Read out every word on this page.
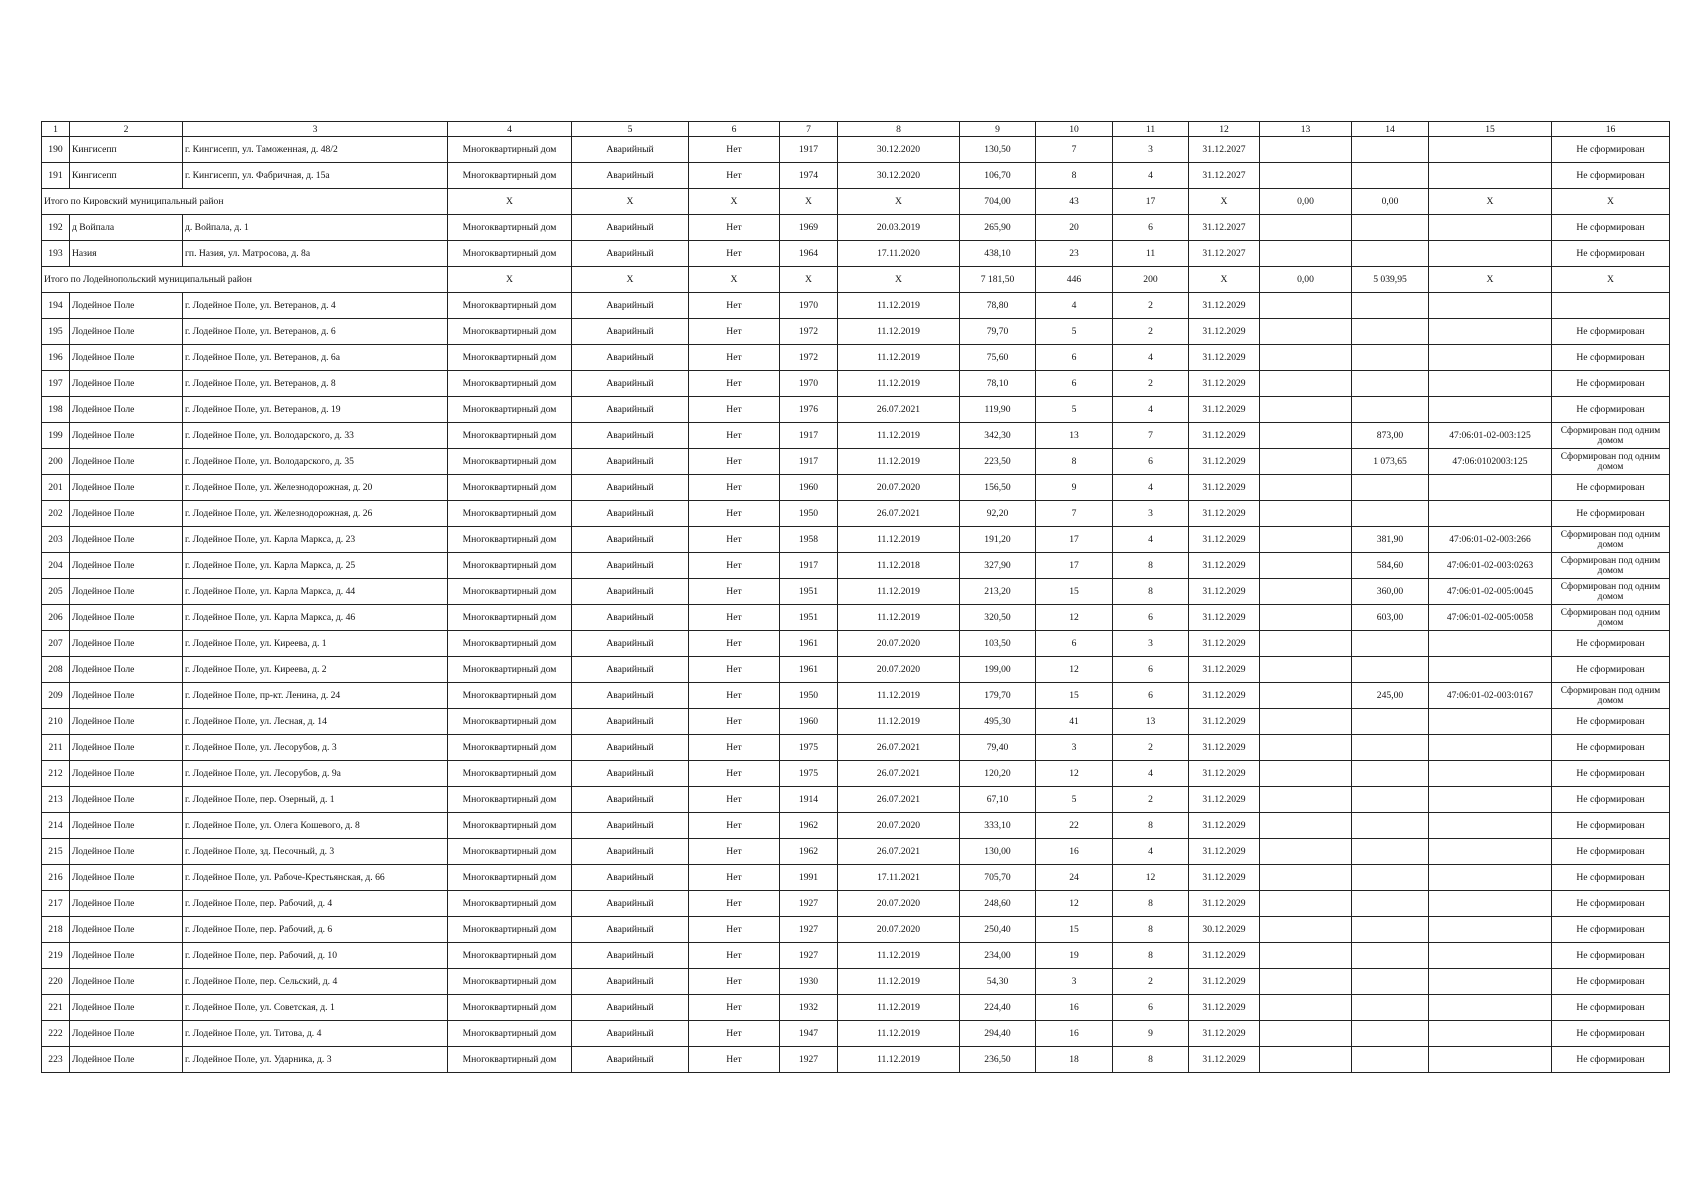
1	2	3	4	5	6	7	8	9	10	11	12	13	14	15	16
190	Кингисепп	г. Кингисепп, ул. Таможенная, д. 48/2	Многоквартирный дом	Аварийный	Нет	1917	30.12.2020	130,50	7	3	31.12.2027				Не сформирован
191	Кингисепп	г. Кингисепп, ул. Фабричная, д. 15а	Многоквартирный дом	Аварийный	Нет	1974	30.12.2020	106,70	8	4	31.12.2027				Не сформирован
Итого по Кировский муниципальный район			X	X	X	X	X	704,00	43	17	X	0,00	0,00	X	X
192	д Войпала	д. Войпала, д. 1	Многоквартирный дом	Аварийный	Нет	1969	20.03.2019	265,90	20	6	31.12.2027				Не сформирован
193	Назия	гп. Назия, ул. Матросова, д. 8а	Многоквартирный дом	Аварийный	Нет	1964	17.11.2020	438,10	23	11	31.12.2027				Не сформирован
Итого по Лодейнопольский муниципальный район			X	X	X	X	X	7 181,50	446	200	X	0,00	5 039,95	X	X
194	Лодейное Поле	г. Лодейное Поле, ул. Ветеранов, д. 4	Многоквартирный дом	Аварийный	Нет	1970	11.12.2019	78,80	4	2	31.12.2029				
195	Лодейное Поле	г. Лодейное Поле, ул. Ветеранов, д. 6	Многоквартирный дом	Аварийный	Нет	1972	11.12.2019	79,70	5	2	31.12.2029				Не сформирован
196	Лодейное Поле	г. Лодейное Поле, ул. Ветеранов, д. 6а	Многоквартирный дом	Аварийный	Нет	1972	11.12.2019	75,60	6	4	31.12.2029				Не сформирован
197	Лодейное Поле	г. Лодейное Поле, ул. Ветеранов, д. 8	Многоквартирный дом	Аварийный	Нет	1970	11.12.2019	78,10	6	2	31.12.2029				Не сформирован
198	Лодейное Поле	г. Лодейное Поле, ул. Ветеранов, д. 19	Многоквартирный дом	Аварийный	Нет	1976	26.07.2021	119,90	5	4	31.12.2029				Не сформирован
199	Лодейное Поле	г. Лодейное Поле, ул. Володарского, д. 33	Многоквартирный дом	Аварийный	Нет	1917	11.12.2019	342,30	13	7	31.12.2029		873,00	47:06:01-02-003:125	Сформирован под одним домом
200	Лодейное Поле	г. Лодейное Поле, ул. Володарского, д. 35	Многоквартирный дом	Аварийный	Нет	1917	11.12.2019	223,50	8	6	31.12.2029		1 073,65	47:06:0102003:125	Сформирован под одним домом
201	Лодейное Поле	г. Лодейное Поле, ул. Железнодорожная, д. 20	Многоквартирный дом	Аварийный	Нет	1960	20.07.2020	156,50	9	4	31.12.2029				Не сформирован
202	Лодейное Поле	г. Лодейное Поле, ул. Железнодорожная, д. 26	Многоквартирный дом	Аварийный	Нет	1950	26.07.2021	92,20	7	3	31.12.2029				Не сформирован
203	Лодейное Поле	г. Лодейное Поле, ул. Карла Маркса, д. 23	Многоквартирный дом	Аварийный	Нет	1958	11.12.2019	191,20	17	4	31.12.2029		381,90	47:06:01-02-003:266	Сформирован под одним домом
204	Лодейное Поле	г. Лодейное Поле, ул. Карла Маркса, д. 25	Многоквартирный дом	Аварийный	Нет	1917	11.12.2018	327,90	17	8	31.12.2029		584,60	47:06:01-02-003:0263	Сформирован под одним домом
205	Лодейное Поле	г. Лодейное Поле, ул. Карла Маркса, д. 44	Многоквартирный дом	Аварийный	Нет	1951	11.12.2019	213,20	15	8	31.12.2029		360,00	47:06:01-02-005:0045	Сформирован под одним домом
206	Лодейное Поле	г. Лодейное Поле, ул. Карла Маркса, д. 46	Многоквартирный дом	Аварийный	Нет	1951	11.12.2019	320,50	12	6	31.12.2029		603,00	47:06:01-02-005:0058	Сформирован под одним домом
207	Лодейное Поле	г. Лодейное Поле, ул. Киреева, д. 1	Многоквартирный дом	Аварийный	Нет	1961	20.07.2020	103,50	6	3	31.12.2029				Не сформирован
208	Лодейное Поле	г. Лодейное Поле, ул. Киреева, д. 2	Многоквартирный дом	Аварийный	Нет	1961	20.07.2020	199,00	12	6	31.12.2029				Не сформирован
209	Лодейное Поле	г. Лодейное Поле, пр-кт. Ленина, д. 24	Многоквартирный дом	Аварийный	Нет	1950	11.12.2019	179,70	15	6	31.12.2029		245,00	47:06:01-02-003:0167	Сформирован под одним домом
210	Лодейное Поле	г. Лодейное Поле, ул. Лесная, д. 14	Многоквартирный дом	Аварийный	Нет	1960	11.12.2019	495,30	41	13	31.12.2029				Не сформирован
211	Лодейное Поле	г. Лодейное Поле, ул. Лесорубов, д. 3	Многоквартирный дом	Аварийный	Нет	1975	26.07.2021	79,40	3	2	31.12.2029				Не сформирован
212	Лодейное Поле	г. Лодейное Поле, ул. Лесорубов, д. 9а	Многоквартирный дом	Аварийный	Нет	1975	26.07.2021	120,20	12	4	31.12.2029				Не сформирован
213	Лодейное Поле	г. Лодейное Поле, пер. Озерный, д. 1	Многоквартирный дом	Аварийный	Нет	1914	26.07.2021	67,10	5	2	31.12.2029				Не сформирован
214	Лодейное Поле	г. Лодейное Поле, ул. Олега Кошевого, д. 8	Многоквартирный дом	Аварийный	Нет	1962	20.07.2020	333,10	22	8	31.12.2029				Не сформирован
215	Лодейное Поле	г. Лодейное Поле, зд. Песочный, д. 3	Многоквартирный дом	Аварийный	Нет	1962	26.07.2021	130,00	16	4	31.12.2029				Не сформирован
216	Лодейное Поле	г. Лодейное Поле, ул. Рабоче-Крестьянская, д. 66	Многоквартирный дом	Аварийный	Нет	1991	17.11.2021	705,70	24	12	31.12.2029				Не сформирован
217	Лодейное Поле	г. Лодейное Поле, пер. Рабочий, д. 4	Многоквартирный дом	Аварийный	Нет	1927	20.07.2020	248,60	12	8	31.12.2029				Не сформирован
218	Лодейное Поле	г. Лодейное Поле, пер. Рабочий, д. 6	Многоквартирный дом	Аварийный	Нет	1927	20.07.2020	250,40	15	8	30.12.2029				Не сформирован
219	Лодейное Поле	г. Лодейное Поле, пер. Рабочий, д. 10	Многоквартирный дом	Аварийный	Нет	1927	11.12.2019	234,00	19	8	31.12.2029				Не сформирован
220	Лодейное Поле	г. Лодейное Поле, пер. Сельский, д. 4	Многоквартирный дом	Аварийный	Нет	1930	11.12.2019	54,30	3	2	31.12.2029				Не сформирован
221	Лодейное Поле	г. Лодейное Поле, ул. Советская, д. 1	Многоквартирный дом	Аварийный	Нет	1932	11.12.2019	224,40	16	6	31.12.2029				Не сформирован
222	Лодейное Поле	г. Лодейное Поле, ул. Титова, д. 4	Многоквартирный дом	Аварийный	Нет	1947	11.12.2019	294,40	16	9	31.12.2029				Не сформирован
223	Лодейное Поле	г. Лодейное Поле, ул. Ударника, д. 3	Многоквартирный дом	Аварийный	Нет	1927	11.12.2019	236,50	18	8	31.12.2029				Не сформирован
